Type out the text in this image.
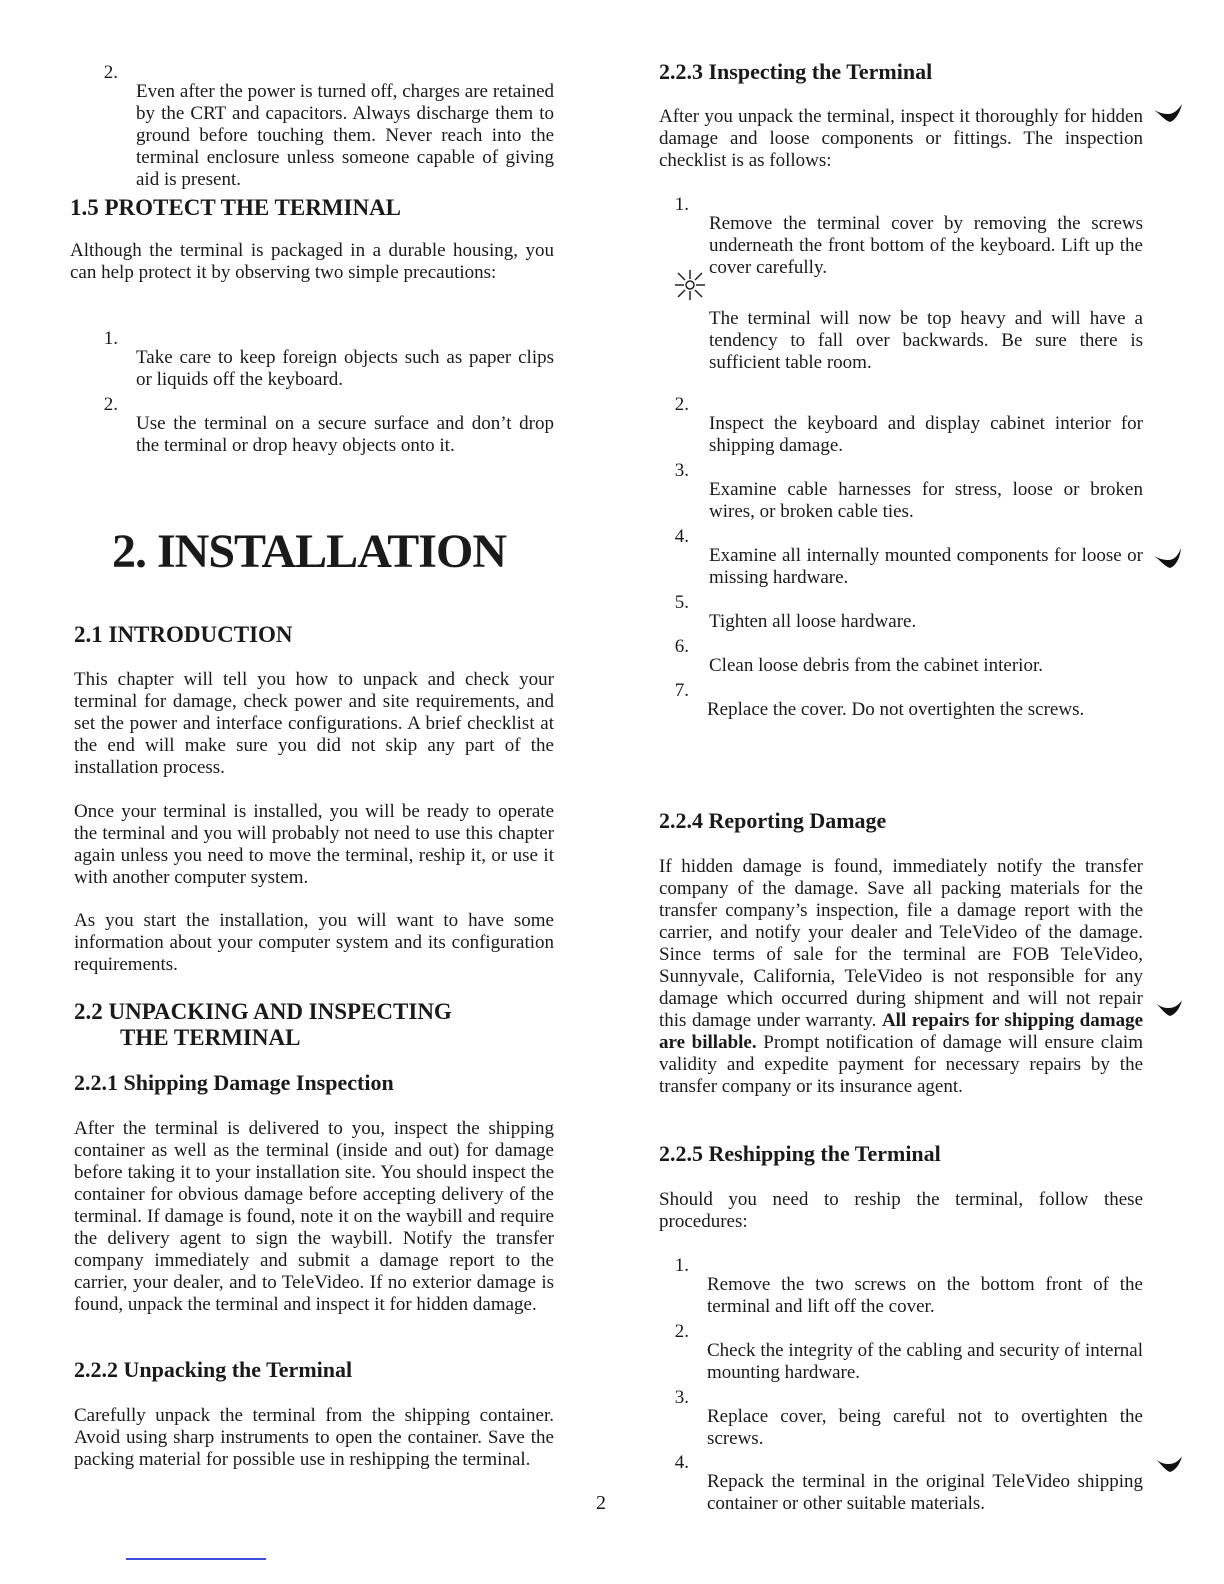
2.

Even after the power is turned off, charges are retained by the CRT and capacitors. Always discharge them to ground before touching them. Never reach into the terminal enclosure unless someone capable of giving aid is present.

1.5 PROTECT THE TERMINAL

Although the terminal is packaged in a durable housing, you can help protect it by observing two simple precautions:

1.

Take care to keep foreign objects such as paper clips or liquids off the keyboard.

2.

Use the terminal on a secure surface and don’t drop the terminal or drop heavy objects onto it.

2. INSTALLATION
2.1 INTRODUCTION

This chapter will tell you how to unpack and check your terminal for damage, check power and site requirements, and set the power and interface configurations. A brief checklist at the end will make sure you did not skip any part of the installation process.

Once your terminal is installed, you will be ready to operate the terminal and you will probably not need to use this chapter again unless you need to move the terminal, reship it, or use it with another computer system.

As you start the installation, you will want to have some information about your computer system and its configuration requirements.

2.2 UNPACKING AND INSPECTING
THE TERMINAL
2.2.1 Shipping Damage Inspection

After the terminal is delivered to you, inspect the shipping container as well as the terminal (inside and out) for damage before taking it to your installation site. You should inspect the container for obvious damage before accepting delivery of the terminal. If damage is found, note it on the waybill and require the delivery agent to sign the waybill. Notify the transfer company immediately and submit a damage report to the carrier, your dealer, and to TeleVideo. If no exterior damage is found, unpack the terminal and inspect it for hidden damage.

2.2.2 Unpacking the Terminal

Carefully unpack the terminal from the shipping container. Avoid using sharp instruments to open the container. Save the packing material for possible use in reshipping the terminal.

2.2.3 Inspecting the Terminal

After you unpack the terminal, inspect it thoroughly for hidden damage and loose components or fittings. The inspection checklist is as follows:

1.

Remove the terminal cover by removing the screws underneath the front bottom of the keyboard. Lift up the cover carefully.

The terminal will now be top heavy and will have a tendency to fall over backwards. Be sure there is sufficient table room.

2.

Inspect the keyboard and display cabinet interior for shipping damage.

3.

Examine cable harnesses for stress, loose or broken wires, or broken cable ties.

4.

Examine all internally mounted components for loose or missing hardware.

5.

Tighten all loose hardware.

6.

Clean loose debris from the cabinet interior.

7.

Replace the cover. Do not overtighten the screws.

2.2.4 Reporting Damage

If hidden damage is found, immediately notify the transfer company of the damage. Save all packing materials for the transfer company’s inspection, file a damage report with the carrier, and notify your dealer and TeleVideo of the damage. Since terms of sale for the terminal are FOB TeleVideo, Sunnyvale, California, TeleVideo is not responsible for any damage which occurred during shipment and will not repair this damage under warranty. All repairs for shipping damage are billable. Prompt notification of damage will ensure claim validity and expedite payment for necessary repairs by the transfer company or its insurance agent.

2.2.5 Reshipping the Terminal

Should you need to reship the terminal, follow these procedures:

1.

Remove the two screws on the bottom front of the terminal and lift off the cover.

2.

Check the integrity of the cabling and security of internal mounting hardware.

3.

Replace cover, being careful not to overtighten the screws.

4.

Repack the terminal in the original TeleVideo shipping container or other suitable materials.

2
